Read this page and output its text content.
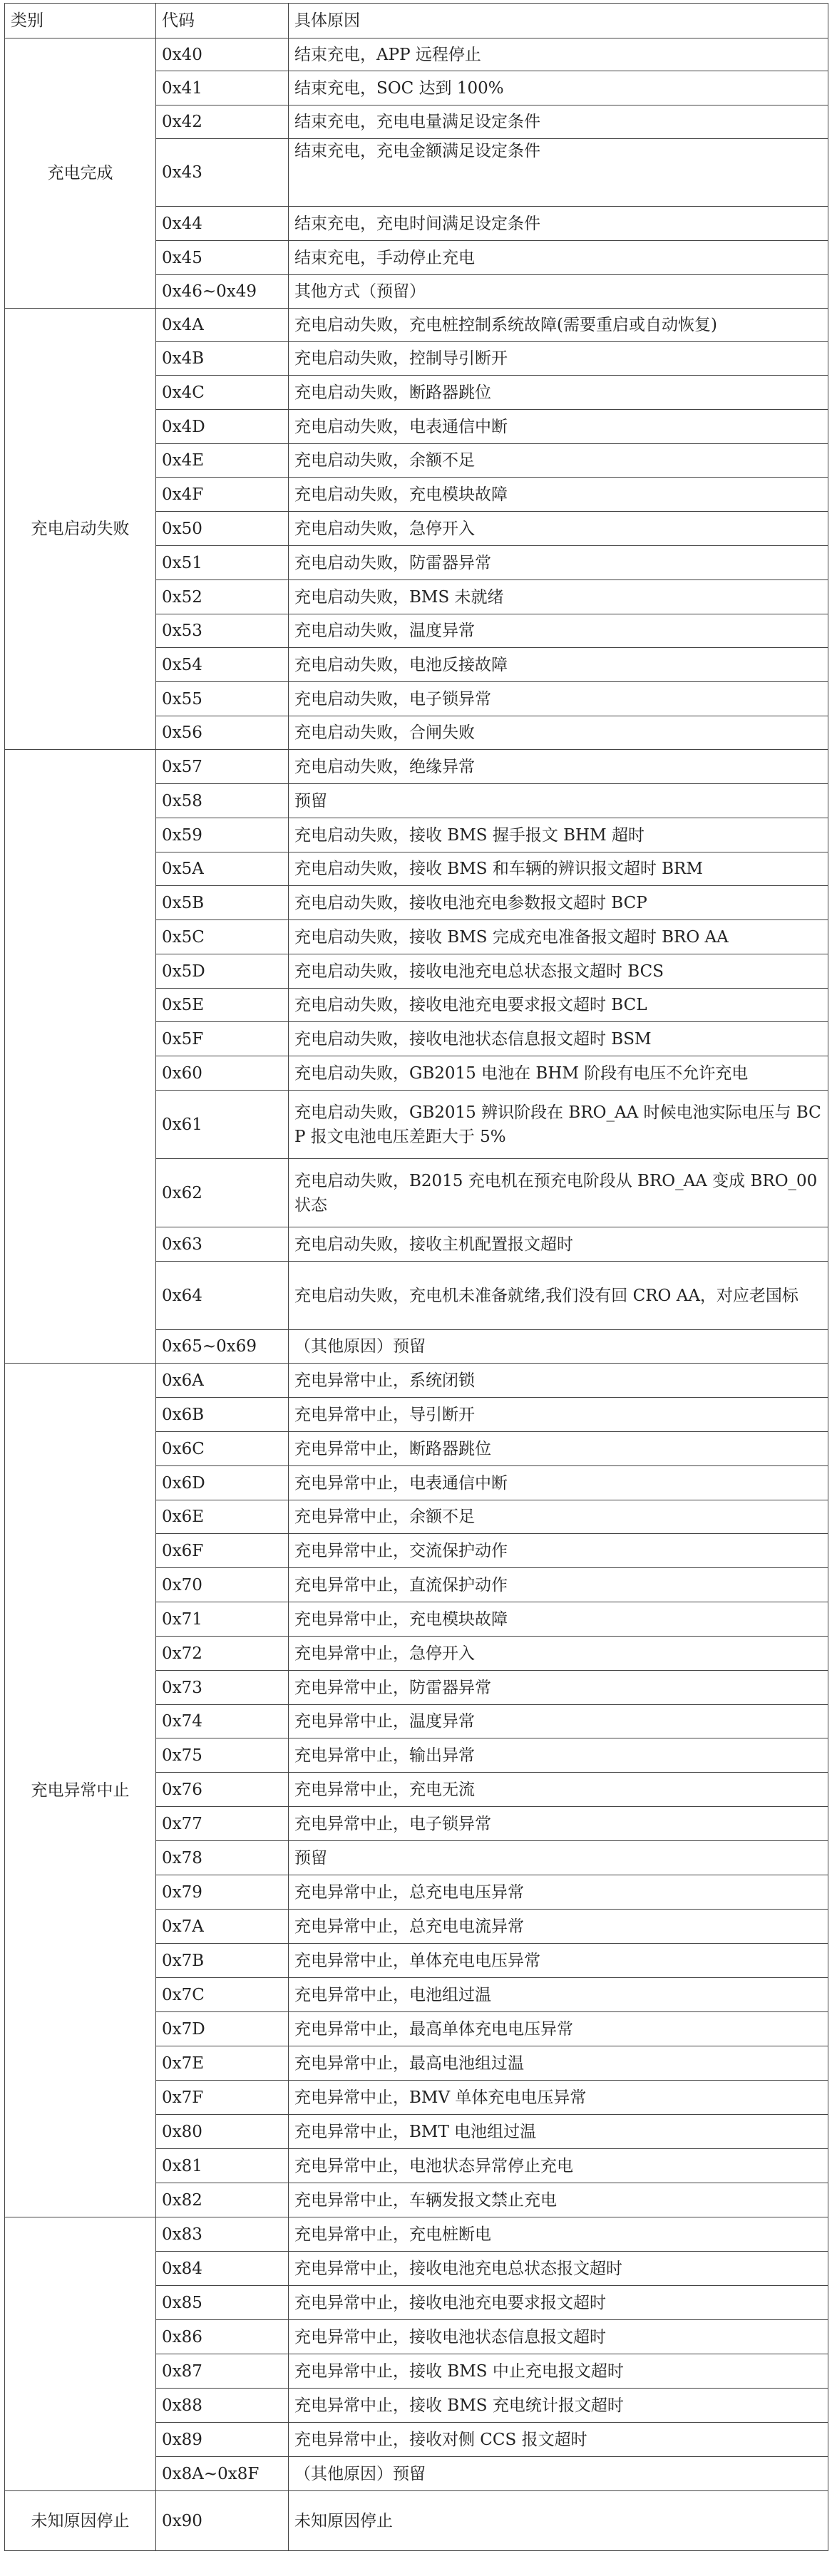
类别	代码	具体原因
充电完成	0x40	结束充电，APP 远程停止
	0x41	结束充电，SOC 达到 100%
	0x42	结束充电，充电电量满足设定条件
	0x43	结束充电，充电金额满足设定条件
	0x44	结束充电，充电时间满足设定条件
	0x45	结束充电，手动停止充电
	0x46~0x49	其他方式（预留）
充电启动失败	0x4A	充电启动失败，充电桩控制系统故障(需要重启或自动恢复)
	0x4B	充电启动失败，控制导引断开
	0x4C	充电启动失败，断路器跳位
	0x4D	充电启动失败，电表通信中断
	0x4E	充电启动失败，余额不足
	0x4F	充电启动失败，充电模块故障
	0x50	充电启动失败，急停开入
	0x51	充电启动失败，防雷器异常
	0x52	充电启动失败，BMS 未就绪
	0x53	充电启动失败，温度异常
	0x54	充电启动失败，电池反接故障
	0x55	充电启动失败，电子锁异常
	0x56	充电启动失败，合闸失败
	0x57	充电启动失败，绝缘异常
	0x58	预留
	0x59	充电启动失败，接收 BMS 握手报文 BHM 超时
	0x5A	充电启动失败，接收 BMS 和车辆的辨识报文超时 BRM
	0x5B	充电启动失败，接收电池充电参数报文超时 BCP
	0x5C	充电启动失败，接收 BMS 完成充电准备报文超时 BRO AA
	0x5D	充电启动失败，接收电池充电总状态报文超时 BCS
	0x5E	充电启动失败，接收电池充电要求报文超时 BCL
	0x5F	充电启动失败，接收电池状态信息报文超时 BSM
	0x60	充电启动失败，GB2015 电池在 BHM 阶段有电压不允许充电
	0x61	充电启动失败，GB2015 辨识阶段在 BRO_AA 时候电池实际电压与 BCP 报文电池电压差距大于 5%
	0x62	充电启动失败，B2015 充电机在预充电阶段从 BRO_AA 变成 BRO_00 状态
	0x63	充电启动失败，接收主机配置报文超时
	0x64	充电启动失败，充电机未准备就绪,我们没有回 CRO AA，对应老国标
	0x65~0x69	（其他原因）预留
充电异常中止	0x6A	充电异常中止，系统闭锁
	0x6B	充电异常中止，导引断开
	0x6C	充电异常中止，断路器跳位
	0x6D	充电异常中止，电表通信中断
	0x6E	充电异常中止，余额不足
	0x6F	充电异常中止，交流保护动作
	0x70	充电异常中止，直流保护动作
	0x71	充电异常中止，充电模块故障
	0x72	充电异常中止，急停开入
	0x73	充电异常中止，防雷器异常
	0x74	充电异常中止，温度异常
	0x75	充电异常中止，输出异常
	0x76	充电异常中止，充电无流
	0x77	充电异常中止，电子锁异常
	0x78	预留
	0x79	充电异常中止，总充电电压异常
	0x7A	充电异常中止，总充电电流异常
	0x7B	充电异常中止，单体充电电压异常
	0x7C	充电异常中止，电池组过温
	0x7D	充电异常中止，最高单体充电电压异常
	0x7E	充电异常中止，最高电池组过温
	0x7F	充电异常中止，BMV 单体充电电压异常
	0x80	充电异常中止，BMT 电池组过温
	0x81	充电异常中止，电池状态异常停止充电
	0x82	充电异常中止，车辆发报文禁止充电
	0x83	充电异常中止，充电桩断电
	0x84	充电异常中止，接收电池充电总状态报文超时
	0x85	充电异常中止，接收电池充电要求报文超时
	0x86	充电异常中止，接收电池状态信息报文超时
	0x87	充电异常中止，接收 BMS 中止充电报文超时
	0x88	充电异常中止，接收 BMS 充电统计报文超时
	0x89	充电异常中止，接收对侧 CCS 报文超时
	0x8A~0x8F	（其他原因）预留
未知原因停止	0x90	未知原因停止
